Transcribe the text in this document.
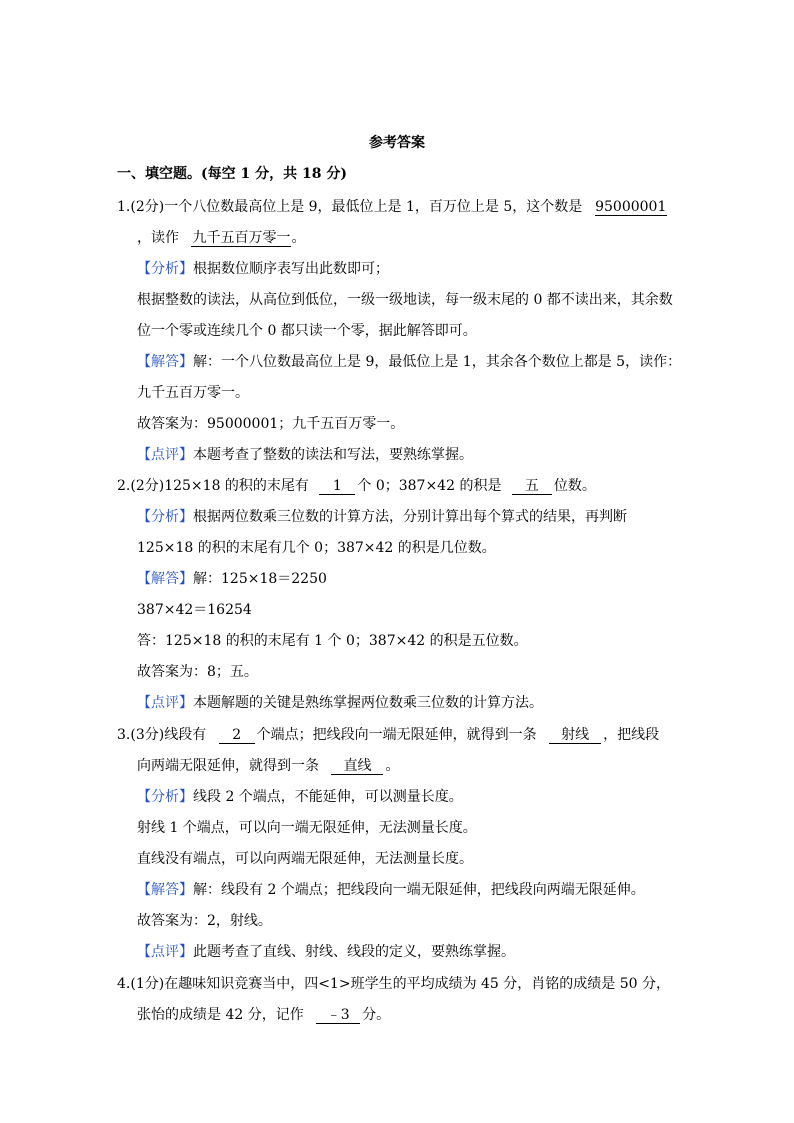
参考答案
一、填空题。(每空 1 分，共 18 分)
1.(2分)一个八位数最高位上是 9，最低位上是 1，百万位上是 5，这个数是 95000001
，读作 九千五百万零一。
【分析】根据数位顺序表写出此数即可；
根据整数的读法，从高位到低位，一级一级地读，每一级末尾的 0 都不读出来，其余数
位一个零或连续几个 0 都只读一个零，据此解答即可。
【解答】解：一个八位数最高位上是 9，最低位上是 1，其余各个数位上都是 5，读作：
九千五百万零一。
故答案为：95000001；九千五百万零一。
【点评】本题考查了整数的读法和写法，要熟练掌握。
2.(2分)125×18 的积的末尾有 1 个 0；387×42 的积是 五 位数。
【分析】根据两位数乘三位数的计算方法，分别计算出每个算式的结果，再判断
125×18 的积的末尾有几个 0；387×42 的积是几位数。
【解答】解：125×18＝2250
387×42＝16254
答：125×18 的积的末尾有 1 个 0；387×42 的积是五位数。
故答案为：8；五。
【点评】本题解题的关键是熟练掌握两位数乘三位数的计算方法。
3.(3分)线段有 2 个端点；把线段向一端无限延伸，就得到一条 射线 ，把线段
向两端无限延伸，就得到一条 直线 。
【分析】线段 2 个端点，不能延伸，可以测量长度。
射线 1 个端点，可以向一端无限延伸，无法测量长度。
直线没有端点，可以向两端无限延伸，无法测量长度。
【解答】解：线段有 2 个端点；把线段向一端无限延伸，把线段向两端无限延伸。
故答案为：2，射线。
【点评】此题考查了直线、射线、线段的定义，要熟练掌握。
4.(1分)在趣味知识竞赛当中，四<1>班学生的平均成绩为 45 分，肖铭的成绩是 50 分，
张怡的成绩是 42 分，记作 ﹣3 分。
